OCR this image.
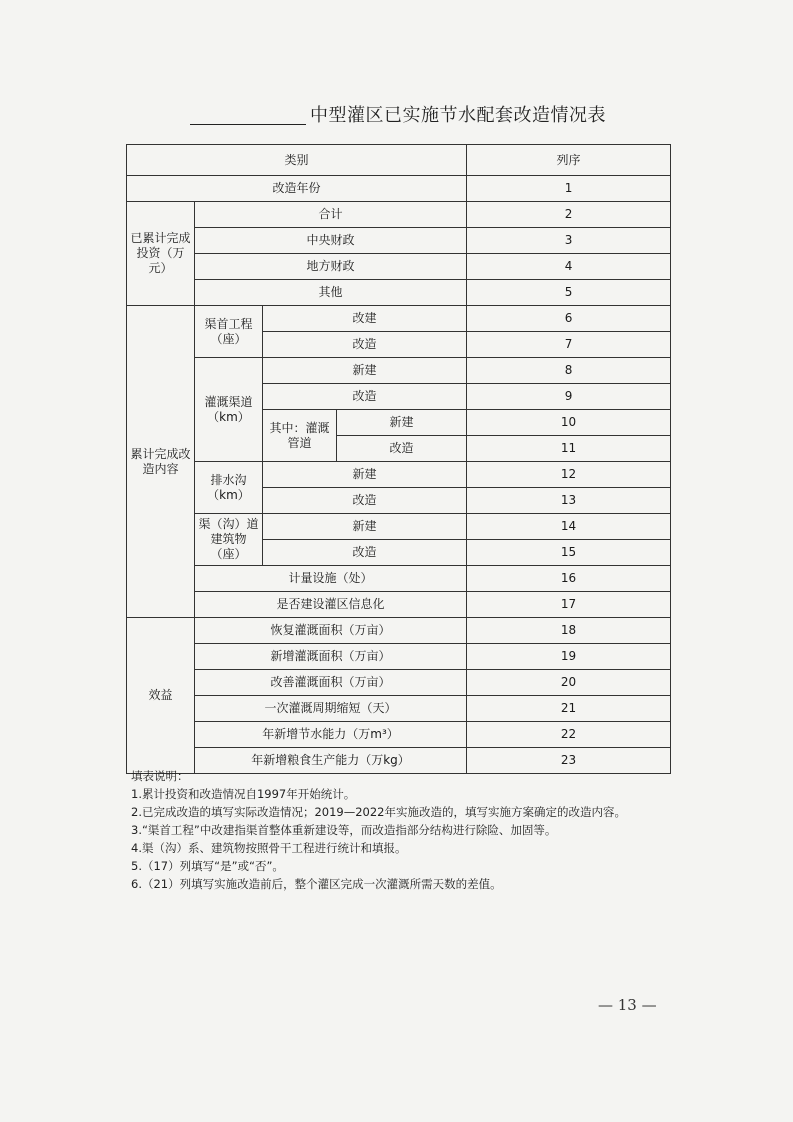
中型灌区已实施节水配套改造情况表
类别				列序	
改造年份				1	
已累计完成投资（万元）	合计			2	
	中央财政			3	
	地方财政			4	
	其他			5	
累计完成改造内容	渠首工程（座）	改建		6	
		改造		7	
	灌溉渠道（km）	新建		8	
		改造		9	
		其中：灌溉管道	新建	10	
			改造	11	
	排水沟（km）	新建		12	
		改造		13	
	渠（沟）道建筑物（座）	新建		14	
		改造		15	
	计量设施（处）			16	
	是否建设灌区信息化			17	
效益	恢复灌溉面积（万亩）			18	
	新增灌溉面积（万亩）			19	
	改善灌溉面积（万亩）			20	
	一次灌溉周期缩短（天）			21	
	年新增节水能力（万m³）			22	
	年新增粮食生产能力（万kg）			23	
填表说明：
1.累计投资和改造情况自1997年开始统计。
2.已完成改造的填写实际改造情况；2019—2022年实施改造的，填写实施方案确定的改造内容。
3.“渠首工程”中改建指渠首整体重新建设等，而改造指部分结构进行除险、加固等。
4.渠（沟）系、建筑物按照骨干工程进行统计和填报。
5.（17）列填写“是”或“否”。
6.（21）列填写实施改造前后，整个灌区完成一次灌溉所需天数的差值。
— 13 —
